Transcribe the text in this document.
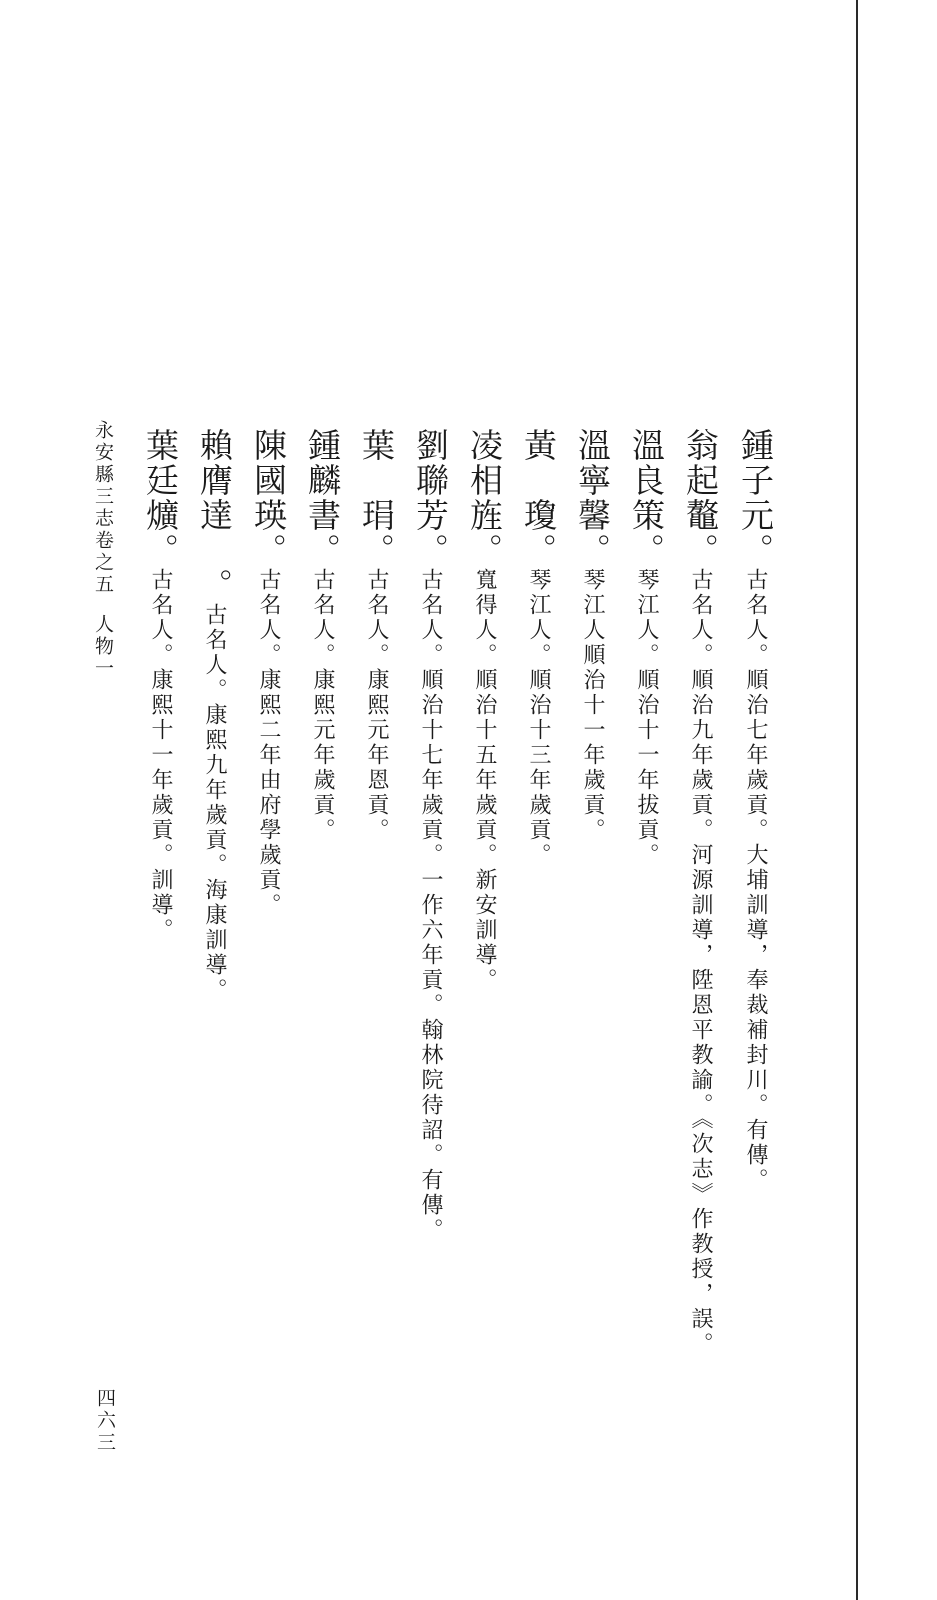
鍾子元。古名人。順治七年歲貢。大埔訓導，奉裁補封川。有傳。
翁起鼇。古名人。順治九年歲貢。河源訓導，陞恩平教諭。《次志》作教授，誤。
溫良策。琴江人。順治十一年拔貢。
溫寧馨。琴江人順治十一年歲貢。
黃　瓊。琴江人。順治十三年歲貢。
凌相旌。寬得人。順治十五年歲貢。新安訓導。
劉聯芳。古名人。順治十七年歲貢。一作六年貢。翰林院待詔。有傳。
葉　琄。古名人。康熙元年恩貢。
鍾麟書。古名人。康熙元年歲貢。
陳國瑛。古名人。康熙二年由府學歲貢。
賴膺達　。古名人。康熙九年歲貢。海康訓導。
葉廷爌。古名人。康熙十一年歲貢。訓導。
永安縣三志卷之五人物一
四六三
